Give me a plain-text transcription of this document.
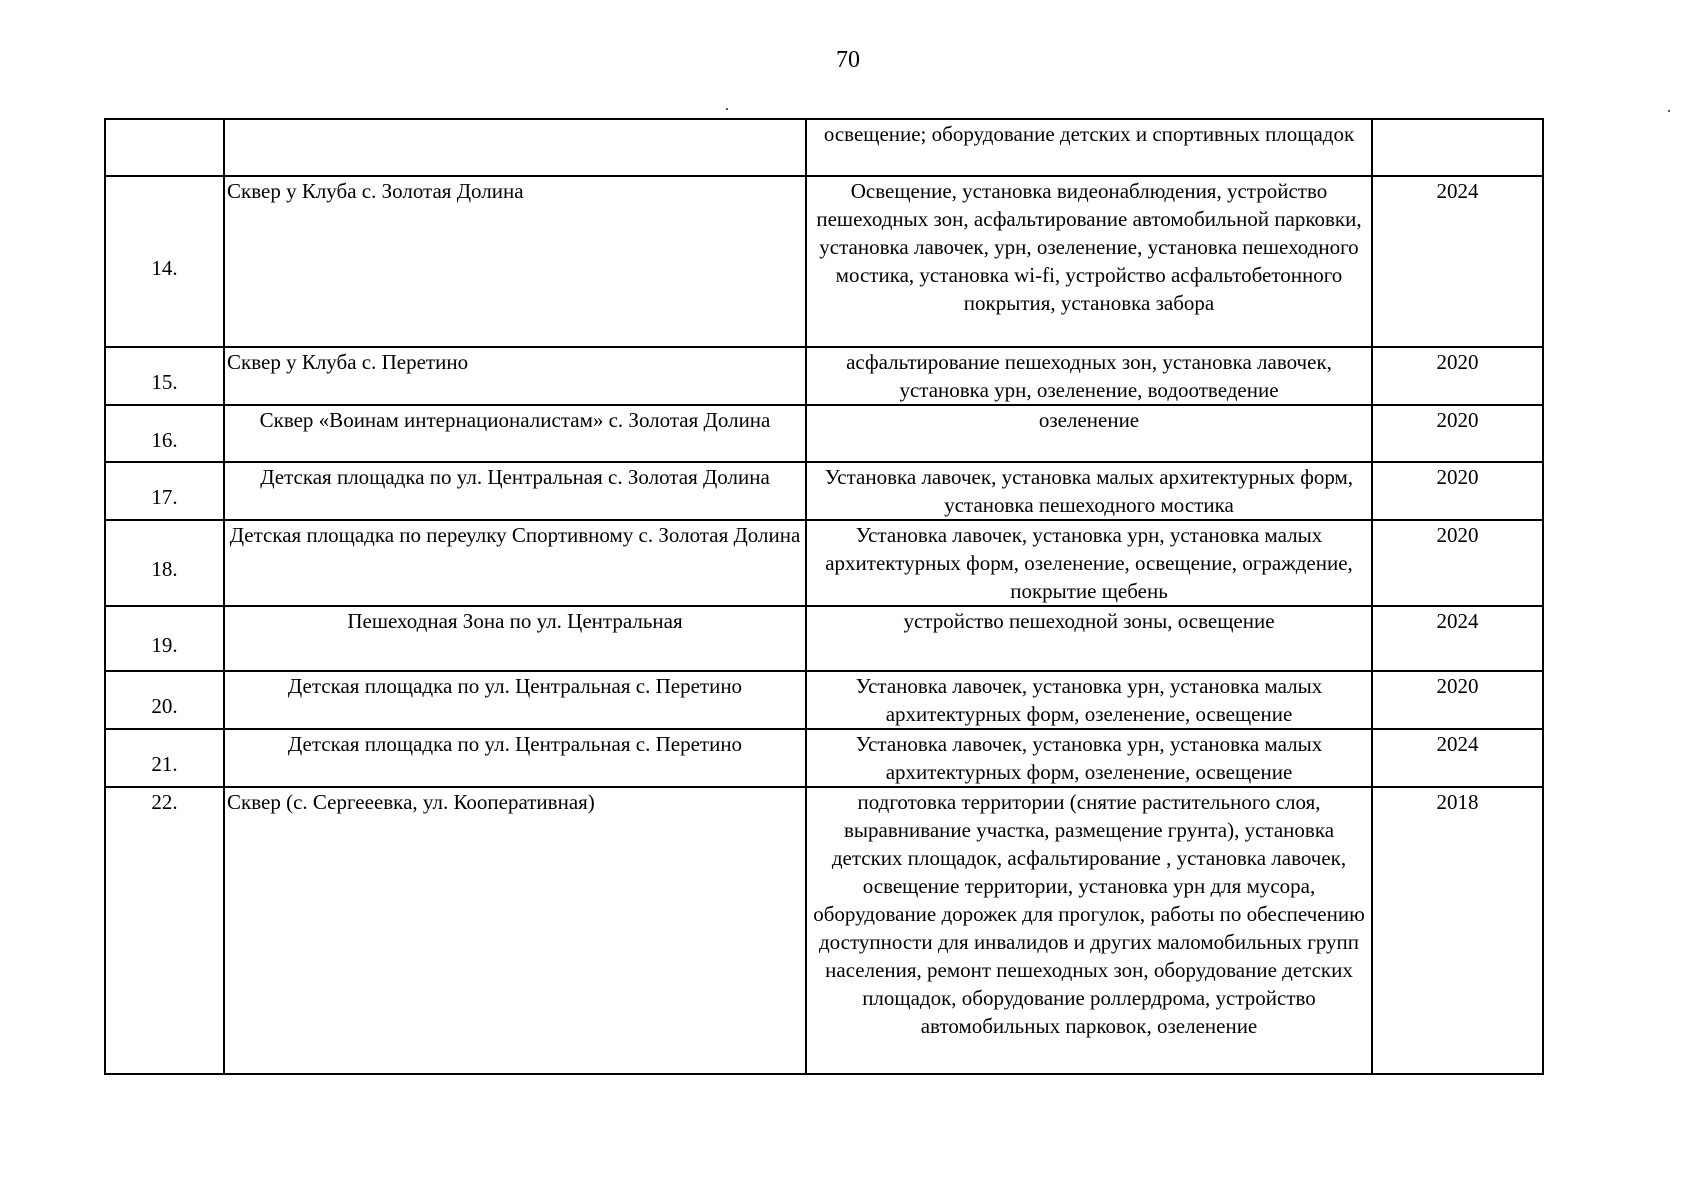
70
		освещение; оборудование детских и спортивных площадок	
14.	Сквер у Клуба с. Золотая Долина	Освещение, установка видеонаблюдения, устройство пешеходных зон, асфальтирование автомобильной парковки, установка лавочек, урн, озеленение, установка пешеходного мостика, установка wi-fi, устройство асфальтобетонного покрытия, установка забора	2024
15.	Сквер у Клуба с. Перетино	асфальтирование пешеходных зон, установка лавочек, установка урн, озеленение, водоотведение	2020
16.	Сквер «Воинам интернационалистам» с. Золотая Долина	озеленение	2020
17.	Детская площадка по ул. Центральная с. Золотая Долина	Установка лавочек, установка малых архитектурных форм, установка пешеходного мостика	2020
18.	Детская площадка по переулку Спортивному с. Золотая Долина	Установка лавочек, установка урн, установка малых архитектурных форм, озеленение, освещение, ограждение, покрытие щебень	2020
19.	Пешеходная Зона по ул. Центральная	устройство пешеходной зоны, освещение	2024
20.	Детская площадка по ул. Центральная с. Перетино	Установка лавочек, установка урн, установка малых архитектурных форм, озеленение, освещение	2020
21.	Детская площадка по ул. Центральная с. Перетино	Установка лавочек, установка урн, установка малых архитектурных форм, озеленение, освещение	2024
22.	Сквер (с. Сергееевка, ул. Кооперативная)	подготовка территории (снятие растительного слоя, выравнивание участка, размещение грунта), установка детских площадок, асфальтирование , установка лавочек, освещение территории, установка урн для мусора, оборудование дорожек для прогулок, работы по обеспечению доступности для инвалидов и других маломобильных групп населения, ремонт пешеходных зон, оборудование детских площадок, оборудование роллердрома, устройство автомобильных парковок, озеленение	2018
